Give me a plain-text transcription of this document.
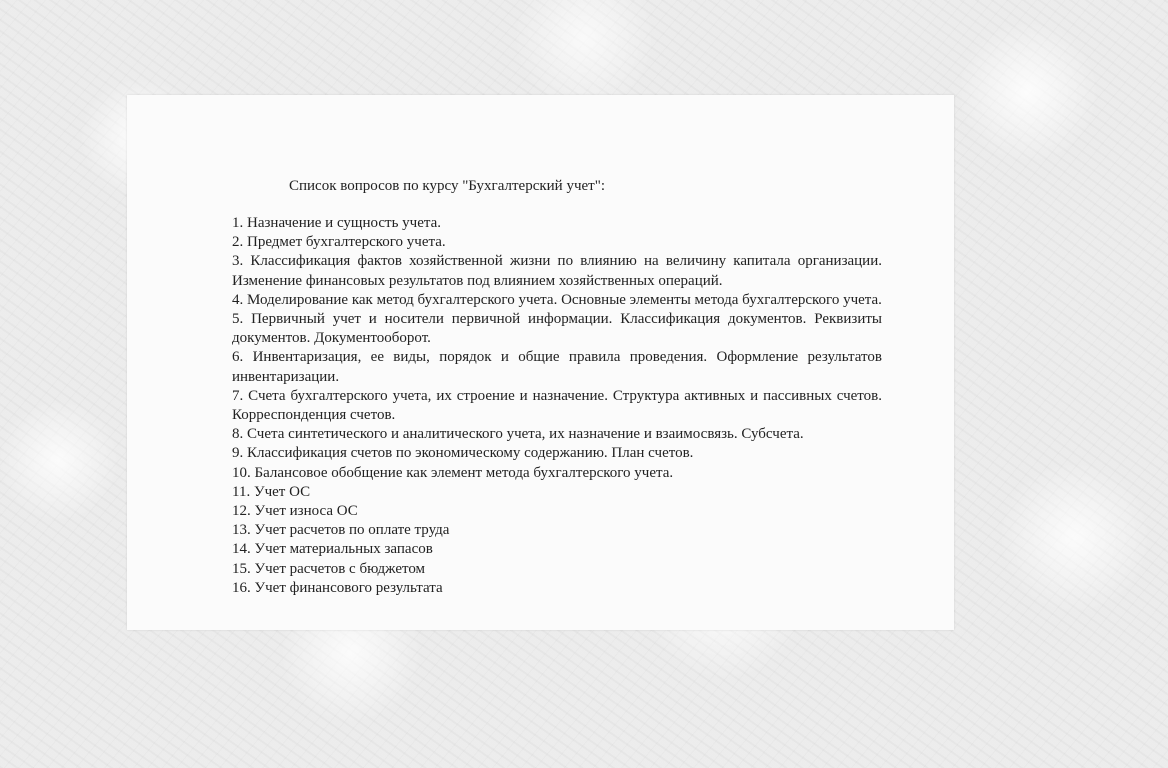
Список вопросов по курсу "Бухгалтерский учет":
1. Назначение и сущность учета.
2. Предмет бухгалтерского учета.
3. Классификация фактов хозяйственной жизни по влиянию на величину капитала организации. Изменение финансовых результатов под влиянием хозяйственных операций.
4. Моделирование как метод бухгалтерского учета. Основные элементы метода бухгалтерского учета.
5. Первичный учет и носители первичной информации. Классификация документов. Реквизиты документов. Документооборот.
6. Инвентаризация, ее виды, порядок и общие правила проведения. Оформление результатов инвентаризации.
7. Счета бухгалтерского учета, их строение и назначение. Структура активных и пассивных счетов. Корреспонденция счетов.
8. Счета синтетического и аналитического учета, их назначение и взаимосвязь. Субсчета.
9. Классификация счетов по экономическому содержанию. План счетов.
10. Балансовое обобщение как элемент метода бухгалтерского учета.
11. Учет ОС
12. Учет износа ОС
13. Учет расчетов по оплате труда
14. Учет материальных запасов
15. Учет расчетов с бюджетом
16. Учет финансового результата
